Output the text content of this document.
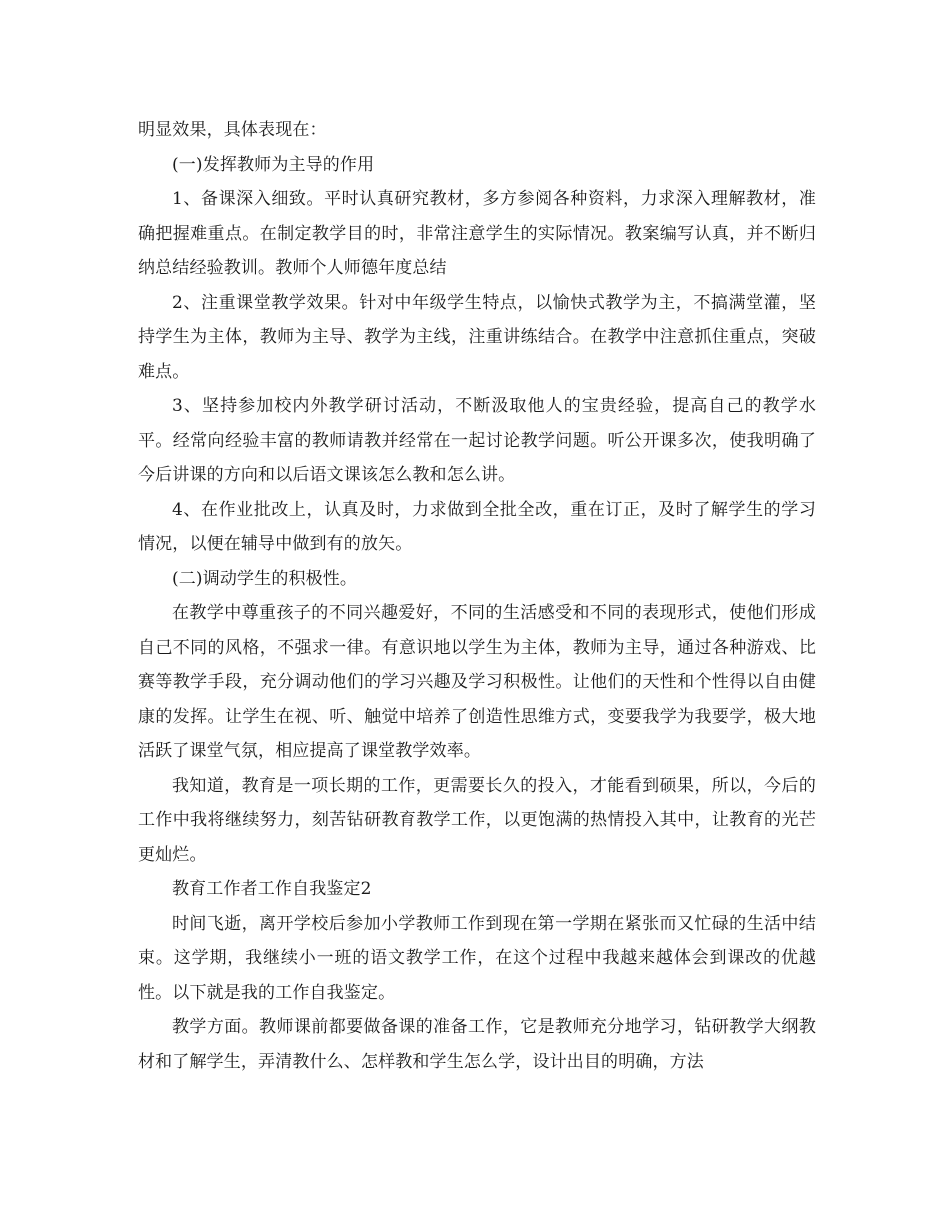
明显效果，具体表现在：

(一)发挥教师为主导的作用

1、备课深入细致。平时认真研究教材，多方参阅各种资料，力求深入理解教材，准确把握难重点。在制定教学目的时，非常注意学生的实际情况。教案编写认真，并不断归纳总结经验教训。教师个人师德年度总结

2、注重课堂教学效果。针对中年级学生特点，以愉快式教学为主，不搞满堂灌，坚持学生为主体，教师为主导、教学为主线，注重讲练结合。在教学中注意抓住重点，突破难点。

3、坚持参加校内外教学研讨活动，不断汲取他人的宝贵经验，提高自己的教学水平。经常向经验丰富的教师请教并经常在一起讨论教学问题。听公开课多次，使我明确了今后讲课的方向和以后语文课该怎么教和怎么讲。

4、在作业批改上，认真及时，力求做到全批全改，重在订正，及时了解学生的学习情况，以便在辅导中做到有的放矢。

(二)调动学生的积极性。

在教学中尊重孩子的不同兴趣爱好，不同的生活感受和不同的表现形式，使他们形成自己不同的风格，不强求一律。有意识地以学生为主体，教师为主导，通过各种游戏、比赛等教学手段，充分调动他们的学习兴趣及学习积极性。让他们的天性和个性得以自由健康的发挥。让学生在视、听、触觉中培养了创造性思维方式，变要我学为我要学，极大地活跃了课堂气氛，相应提高了课堂教学效率。

我知道，教育是一项长期的工作，更需要长久的投入，才能看到硕果，所以，今后的工作中我将继续努力，刻苦钻研教育教学工作，以更饱满的热情投入其中，让教育的光芒更灿烂。

教育工作者工作自我鉴定2

时间飞逝，离开学校后参加小学教师工作到现在第一学期在紧张而又忙碌的生活中结束。这学期，我继续小一班的语文教学工作，在这个过程中我越来越体会到课改的优越性。以下就是我的工作自我鉴定。

教学方面。教师课前都要做备课的准备工作，它是教师充分地学习，钻研教学大纲教材和了解学生，弄清教什么、怎样教和学生怎么学，设计出目的明确，方法
